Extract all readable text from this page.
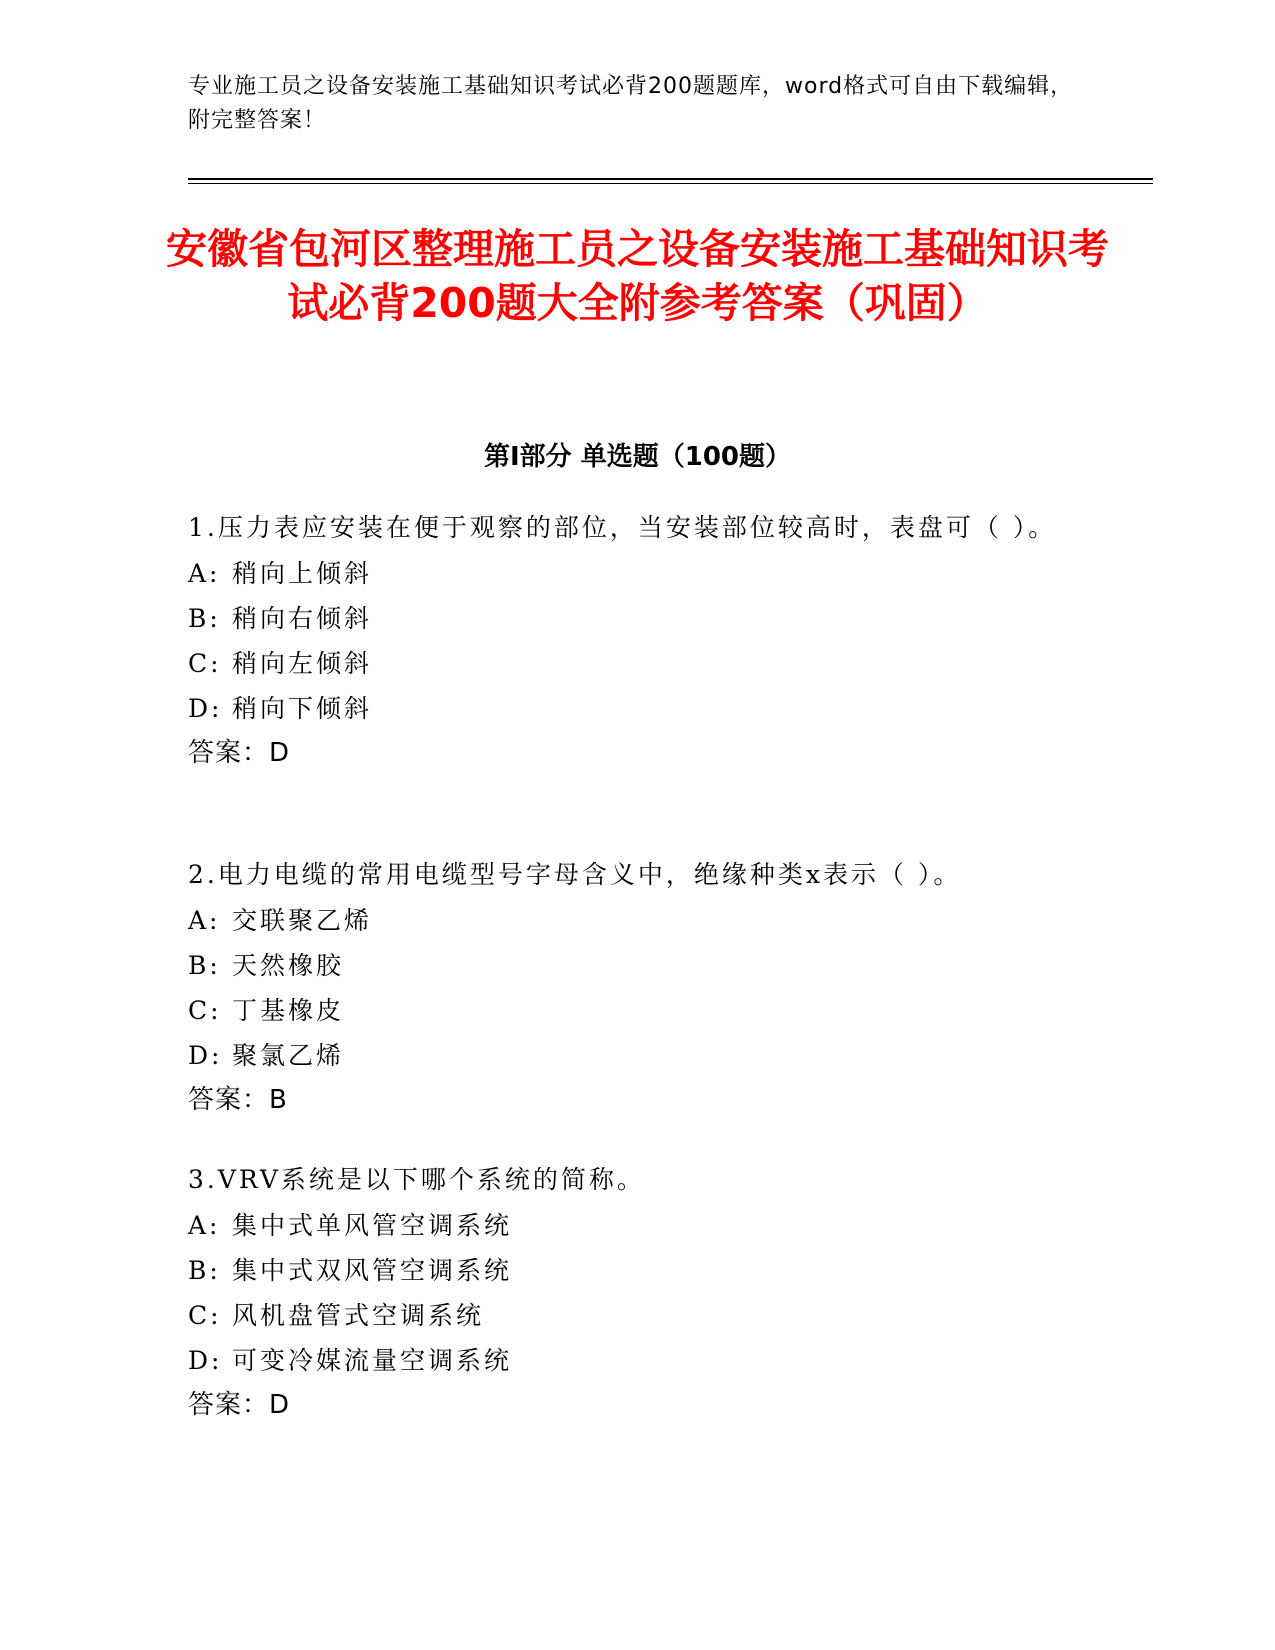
专业施工员之设备安装施工基础知识考试必背200题题库，word格式可自由下载编辑，附完整答案！
安徽省包河区整理施工员之设备安装施工基础知识考试必背200题大全附参考答案（巩固）
第Ⅰ部分 单选题（100题）

1.压力表应安装在便于观察的部位，当安装部位较高时，表盘可（ ）。

A: 稍向上倾斜

B: 稍向右倾斜

C: 稍向左倾斜

D: 稍向下倾斜

答案：D

2.电力电缆的常用电缆型号字母含义中，绝缘种类x表示（ ）。

A: 交联聚乙烯

B: 天然橡胶

C: 丁基橡皮

D: 聚氯乙烯

答案：B

3.VRV系统是以下哪个系统的简称。

A: 集中式单风管空调系统

B: 集中式双风管空调系统

C: 风机盘管式空调系统

D: 可变冷媒流量空调系统

答案：D
